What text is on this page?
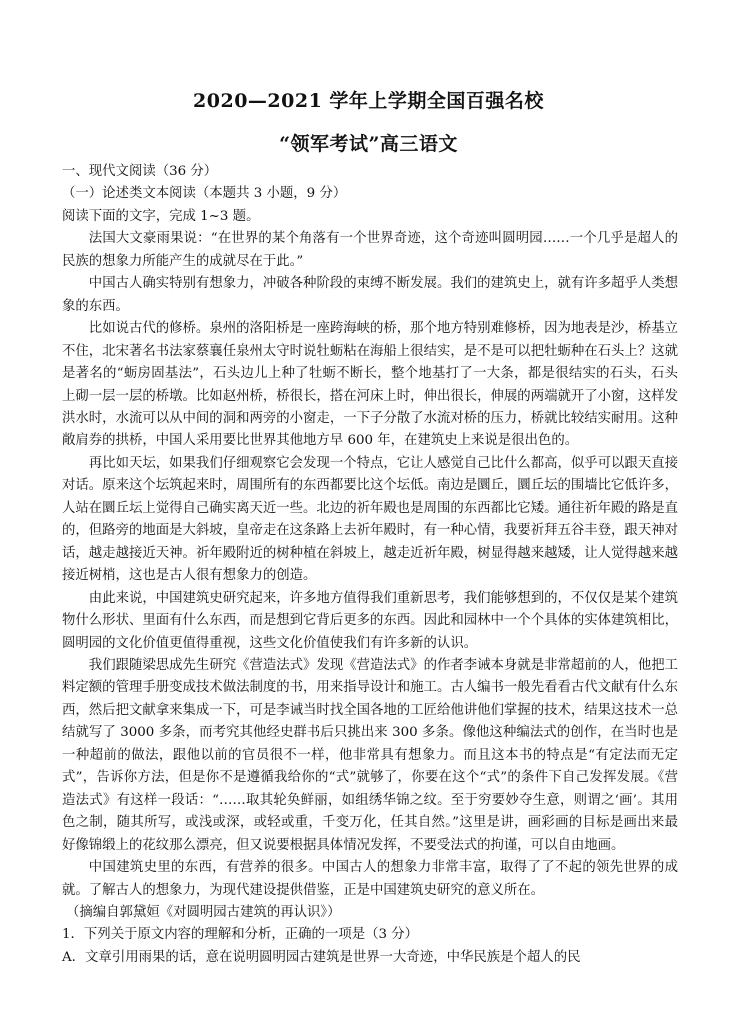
2020—2021 学年上学期全国百强名校
“领军考试”高三语文

一、现代文阅读（36 分）

（一）论述类文本阅读（本题共 3 小题，9 分）

阅读下面的文字，完成 1~3 题。

法国大文豪雨果说：“在世界的某个角落有一个世界奇迹，这个奇迹叫圆明园……一个几乎是超人的民族的想象力所能产生的成就尽在于此。”

中国古人确实特别有想象力，冲破各种阶段的束缚不断发展。我们的建筑史上，就有许多超乎人类想象的东西。

比如说古代的修桥。泉州的洛阳桥是一座跨海峡的桥，那个地方特别难修桥，因为地表是沙，桥基立不住，北宋著名书法家蔡襄任泉州太守时说牡蛎粘在海船上很结实，是不是可以把牡蛎种在石头上？这就是著名的“蛎房固基法”，石头边儿上种了牡蛎不断长，整个地基打了一大条，都是很结实的石头，石头上砌一层一层的桥墩。比如赵州桥，桥很长，搭在河床上时，伸出很长，伸展的两端就开了小窗，这样发洪水时，水流可以从中间的洞和两旁的小窗走，一下子分散了水流对桥的压力，桥就比较结实耐用。这种敞肩券的拱桥，中国人采用要比世界其他地方早 600 年，在建筑史上来说是很出色的。

再比如天坛，如果我们仔细观察它会发现一个特点，它让人感觉自己比什么都高，似乎可以跟天直接对话。原来这个坛筑起来时，周围所有的东西都要比这个坛低。南边是圜丘，圜丘坛的围墙比它低许多，人站在圜丘坛上觉得自己确实离天近一些。北边的祈年殿也是周围的东西都比它矮。通往祈年殿的路是直的，但路旁的地面是大斜坡，皇帝走在这条路上去祈年殿时，有一种心情，我要祈拜五谷丰登，跟天神对话，越走越接近天神。祈年殿附近的树种植在斜坡上，越走近祈年殿，树显得越来越矮，让人觉得越来越接近树梢，这也是古人很有想象力的创造。

由此来说，中国建筑史研究起来，许多地方值得我们重新思考，我们能够想到的，不仅仅是某个建筑物什么形状、里面有什么东西，而是想到它背后更多的东西。因此和园林中一个个具体的实体建筑相比，圆明园的文化价值更值得重视，这些文化价值使我们有许多新的认识。

我们跟随梁思成先生研究《营造法式》发现《营造法式》的作者李诫本身就是非常超前的人，他把工料定额的管理手册变成技术做法制度的书，用来指导设计和施工。古人编书一般先看看古代文献有什么东西，然后把文献拿来集成一下，可是李诫当时找全国各地的工匠给他讲他们掌握的技术，结果这技术一总结就写了 3000 多条，而考究其他经史群书后只挑出来 300 多条。像他这种编法式的创作，在当时也是一种超前的做法，跟他以前的官员很不一样，他非常具有想象力。而且这本书的特点是“有定法而无定式”，告诉你方法，但是你不是遵循我给你的“式”就够了，你要在这个“式”的条件下自己发挥发展。《营造法式》有这样一段话：“……取其轮奂鲜丽，如组绣华锦之纹。至于穷要妙夺生意，则谓之‘画’。其用色之制，随其所写，或浅或深，或轻或重，千变万化，任其自然。”这里是讲，画彩画的目标是画出来最好像锦缎上的花纹那么漂亮，但又说要根据具体情况发挥，不要受法式的拘谨，可以自由地画。

中国建筑史里的东西，有营养的很多。中国古人的想象力非常丰富，取得了了不起的领先世界的成就。了解古人的想象力，为现代建设提供借鉴，正是中国建筑史研究的意义所在。

（摘编自郭黛姮《对圆明园古建筑的再认识》）

1．下列关于原文内容的理解和分析，正确的一项是（3 分）

A．文章引用雨果的话，意在说明圆明园古建筑是世界一大奇迹，中华民族是个超人的民
